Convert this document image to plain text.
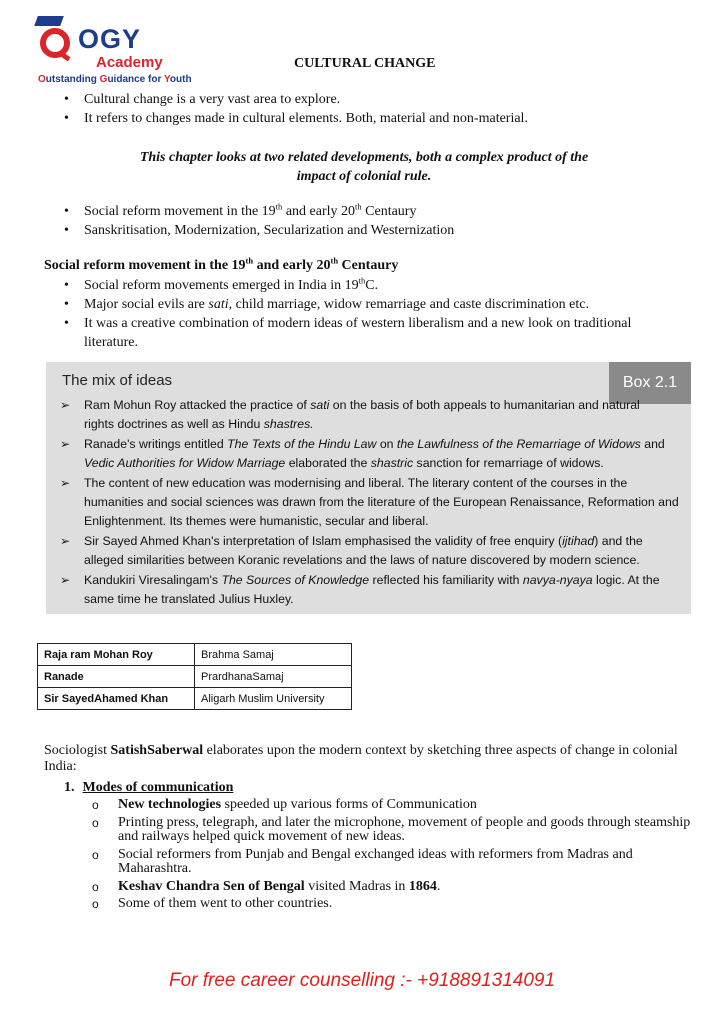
OGY
Academy
Outstanding Guidance for Youth
CULTURAL CHANGE
• Cultural change is a very vast area to explore.
• It refers to changes made in cultural elements. Both, material and non-material.
This chapter looks at two related developments, both a complex product of the
impact of colonial rule.
• Social reform movement in the 19th and early 20th Centaury
• Sanskritisation, Modernization, Secularization and Westernization
Social reform movement in the 19th and early 20th Centaury
• Social reform movements emerged in India in 19thC.
• Major social evils are sati, child marriage, widow remarriage and caste discrimination etc.
• It was a creative combination of modern ideas of western liberalism and a new look on traditional literature.
The mix of ideas	Box 2.1
➢ Ram Mohun Roy attacked the practice of sati on the basis of both appeals to humanitarian and natural rights doctrines as well as Hindu shastres.
➢ Ranade's writings entitled The Texts of the Hindu Law on the Lawfulness of the Remarriage of Widows and Vedic Authorities for Widow Marriage elaborated the shastric sanction for remarriage of widows.
➢ The content of new education was modernising and liberal. The literary content of the courses in the humanities and social sciences was drawn from the literature of the European Renaissance, Reformation and Enlightenment. Its themes were humanistic, secular and liberal.
➢ Sir Sayed Ahmed Khan's interpretation of Islam emphasised the validity of free enquiry (ijtihad) and the alleged similarities between Koranic revelations and the laws of nature discovered by modern science.
➢ Kandukiri Viresalingam's The Sources of Knowledge reflected his familiarity with navya-nyaya logic. At the same time he translated Julius Huxley.
Raja ram Mohan Roy	Brahma Samaj
Ranade	PrardhanaSamaj
Sir SayedAhamed Khan	Aligarh Muslim University
Sociologist SatishSaberwal elaborates upon the modern context by sketching three aspects of change in colonial India:
1. Modes of communication
o New technologies speeded up various forms of Communication
o Printing press, telegraph, and later the microphone, movement of people and goods through steamship and railways helped quick movement of new ideas.
o Social reformers from Punjab and Bengal exchanged ideas with reformers from Madras and Maharashtra.
o Keshav Chandra Sen of Bengal visited Madras in 1864.
o Some of them went to other countries.
For free career counselling :- +918891314091
